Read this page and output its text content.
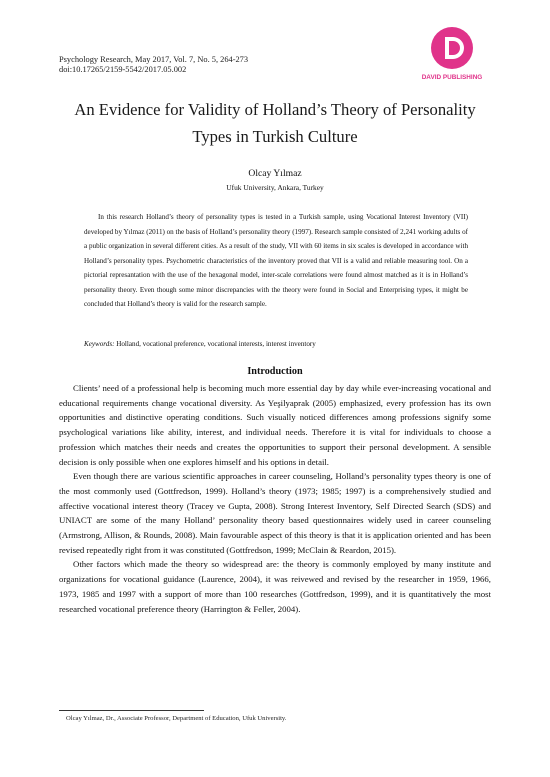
Psychology Research, May 2017, Vol. 7, No. 5, 264-273
doi:10.17265/2159-5542/2017.05.002
DAVID PUBLISHING
An Evidence for Validity of Holland’s Theory of Personality
Types in Turkish Culture
Olcay Yılmaz
Ufuk University, Ankara, Turkey

In this research Holland’s theory of personality types is tested in a Turkish sample, using Vocational Interest Inventory (VII) developed by Yılmaz (2011) on the basis of Holland’s personality theory (1997). Research sample consisted of 2,241 working adults of a public organization in several different cities. As a result of the study, VII with 60 items in six scales is developed in accordance with Holland’s personality types. Psychometric characteristics of the inventory proved that VII is a valid and reliable measuring tool. On a pictorial represantation with the use of the hexagonal model, inter-scale correlations were found almost matched as it is in Holland’s personality theory. Even though some minor discrepancies with the theory were found in Social and Enterprising types, it might be concluded that Holland’s theory is valid for the research sample.

Keywords: Holland, vocational preference, vocational interests, interest inventory
Introduction

Clients’ need of a professional help is becoming much more essential day by day while ever-increasing vocational and educational requirements change vocational diversity. As Yeşilyaprak (2005) emphasized, every profession has its own opportunities and distinctive operating conditions. Such visually noticed differences among professions signify some psychological variations like ability, interest, and individual needs. Therefore it is vital for individuals to choose a profession which matches their needs and creates the opportunities to support their personal development. A sensible decision is only possible when one explores himself and his options in detail.

Even though there are various scientific approaches in career counseling, Holland’s personality types theory is one of the most commonly used (Gottfredson, 1999). Holland’s theory (1973; 1985; 1997) is a comprehensively studied and affective vocational interest theory (Tracey ve Gupta, 2008). Strong Interest Inventory, Self Directed Search (SDS) and UNIACT are some of the many Holland’ personality theory based questionnaires widely used in career counseling (Armstrong, Allison, & Rounds, 2008). Main favourable aspect of this theory is that it is application oriented and has been revised repeatedly right from it was constituted (Gottfredson, 1999; McClain & Reardon, 2015).

Other factors which made the theory so widespread are: the theory is commonly employed by many institute and organizations for vocational guidance (Laurence, 2004), it was reivewed and revised by the researcher in 1959, 1966, 1973, 1985 and 1997 with a support of more than 100 researches (Gottfredson, 1999), and it is quantitatively the most researched vocational preference theory (Harrington & Feller, 2004).

Olcay Yılmaz, Dr., Associate Professor, Department of Education, Ufuk University.
